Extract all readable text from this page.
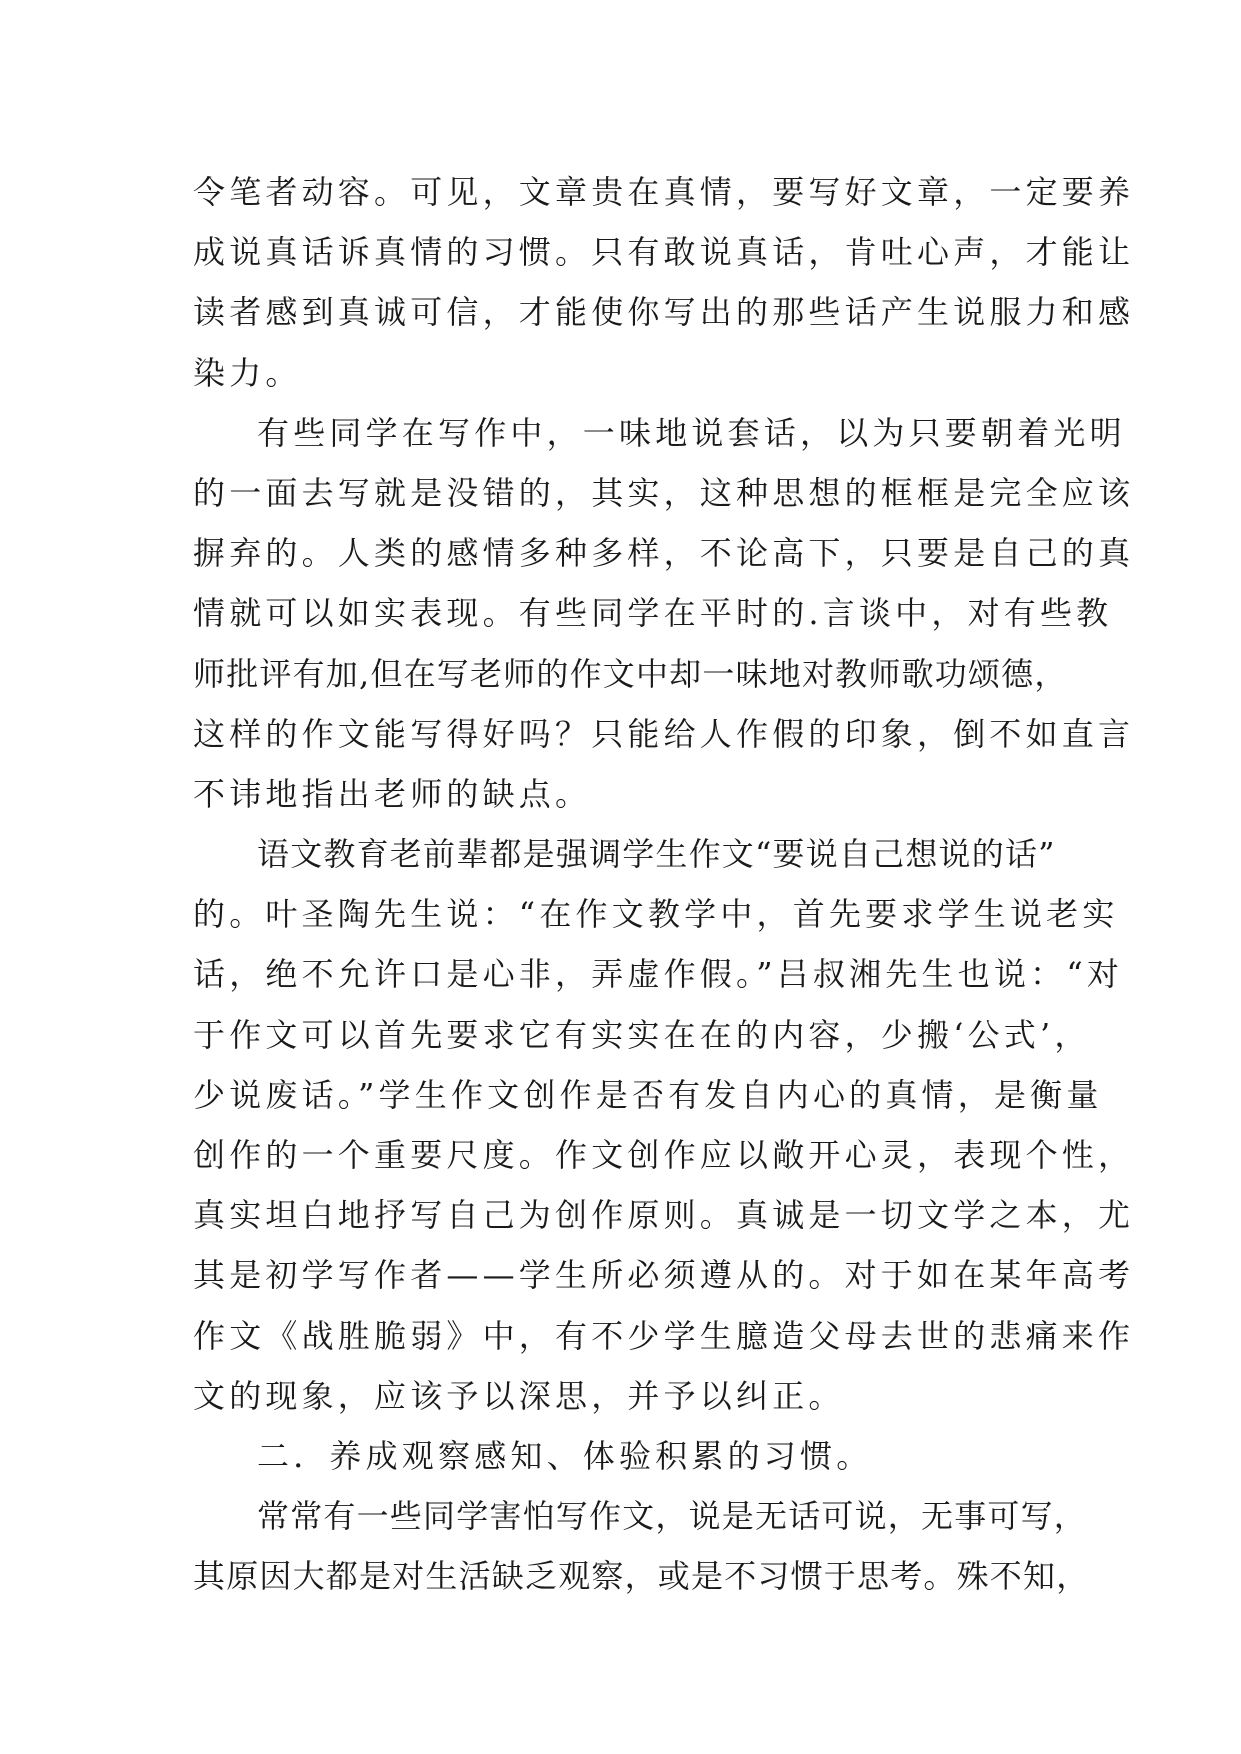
令笔者动容。可见，文章贵在真情，要写好文章，一定要养
成说真话诉真情的习惯。只有敢说真话，肯吐心声，才能让
读者感到真诚可信，才能使你写出的那些话产生说服力和感
染力。
有些同学在写作中，一味地说套话，以为只要朝着光明
的一面去写就是没错的，其实，这种思想的框框是完全应该
摒弃的。人类的感情多种多样，不论高下，只要是自己的真
情就可以如实表现。有些同学在平时的.言谈中，对有些教
师批评有加,但在写老师的作文中却一味地对教师歌功颂德，
这样的作文能写得好吗？只能给人作假的印象，倒不如直言
不讳地指出老师的缺点。
语文教育老前辈都是强调学生作文“要说自己想说的话”
的。叶圣陶先生说：“在作文教学中，首先要求学生说老实
话，绝不允许口是心非，弄虚作假。”吕叔湘先生也说：“对
于作文可以首先要求它有实实在在的内容，少搬‘公式’，
少说废话。”学生作文创作是否有发自内心的真情，是衡量
创作的一个重要尺度。作文创作应以敞开心灵，表现个性，
真实坦白地抒写自己为创作原则。真诚是一切文学之本，尤
其是初学写作者——学生所必须遵从的。对于如在某年高考
作文《战胜脆弱》中，有不少学生臆造父母去世的悲痛来作
文的现象，应该予以深思，并予以纠正。
二．养成观察感知、体验积累的习惯。
常常有一些同学害怕写作文，说是无话可说，无事可写，
其原因大都是对生活缺乏观察，或是不习惯于思考。殊不知，
